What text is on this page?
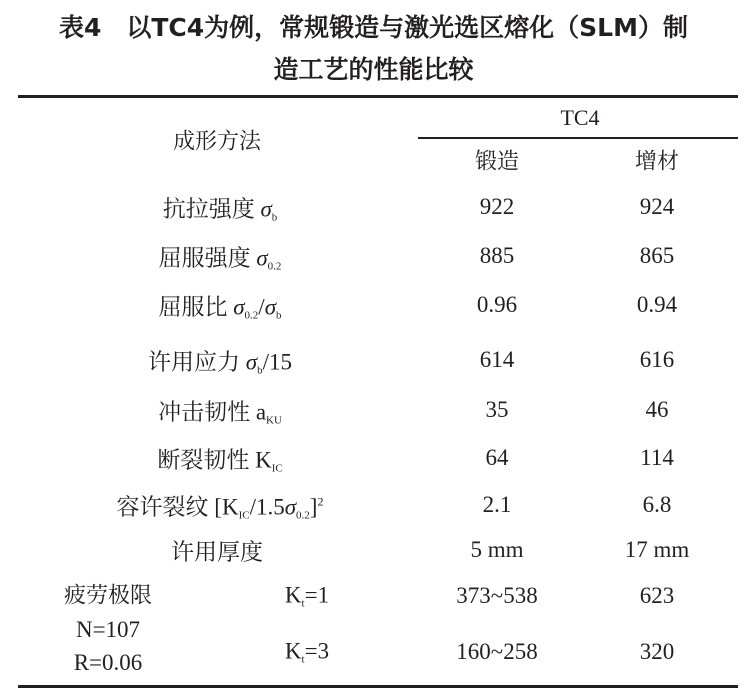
表4　以TC4为例，常规锻造与激光选区熔化（SLM）制
造工艺的性能比较
成形方法
TC4
锻造	增材
抗拉强度 $\sigma_b$	922	924
屈服强度 $\sigma_{0.2}$	885	865
屈服比 $\sigma_{0.2}/\sigma_b$	0.96	0.94
许用应力 $\sigma_b/15$	614	616
冲击韧性 $a_{KU}$	35	46
断裂韧性 $K_{IC}$	64	114
容许裂纹 $[K_{IC}/1.5\sigma_{0.2}]^2$	2.1	6.8
许用厚度	5 mm	17 mm
疲劳极限
N=107
R=0.06
$K_t=1$	373~538	623
$K_t=3$	160~258	320
